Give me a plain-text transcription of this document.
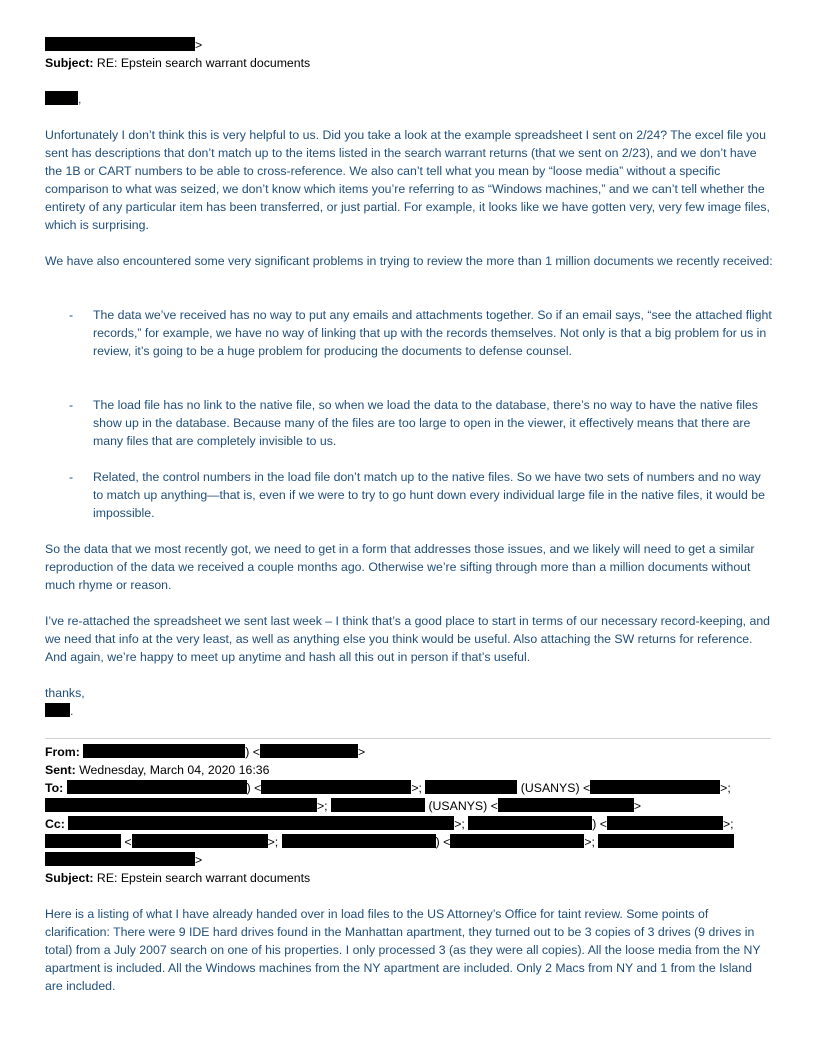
>
Subject: RE: Epstein search warrant documents
,

Unfortunately I don’t think this is very helpful to us. Did you take a look at the example spreadsheet I sent on 2/24? The excel file you sent has descriptions that don’t match up to the items listed in the search warrant returns (that we sent on 2/23), and we don’t have the 1B or CART numbers to be able to cross-reference. We also can’t tell what you mean by “loose media” without a specific comparison to what was seized, we don’t know which items you’re referring to as “Windows machines,” and we can’t tell whether the entirety of any particular item has been transferred, or just partial. For example, it looks like we have gotten very, very few image files, which is surprising.

We have also encountered some very significant problems in trying to review the more than 1 million documents we recently received:

- The data we’ve received has no way to put any emails and attachments together. So if an email says, “see the attached flight records,” for example, we have no way of linking that up with the records themselves. Not only is that a big problem for us in review, it’s going to be a huge problem for producing the documents to defense counsel.
- The load file has no link to the native file, so when we load the data to the database, there’s no way to have the native files show up in the database. Because many of the files are too large to open in the viewer, it effectively means that there are many files that are completely invisible to us.
- Related, the control numbers in the load file don’t match up to the native files. So we have two sets of numbers and no way to match up anything—that is, even if we were to try to go hunt down every individual large file in the native files, it would be impossible.

So the data that we most recently got, we need to get in a form that addresses those issues, and we likely will need to get a similar reproduction of the data we received a couple months ago. Otherwise we’re sifting through more than a million documents without much rhyme or reason.

I’ve re-attached the spreadsheet we sent last week – I think that’s a good place to start in terms of our necessary record-keeping, and we need that info at the very least, as well as anything else you think would be useful. Also attaching the SW returns for reference. And again, we’re happy to meet up anytime and hash all this out in person if that’s useful.

thanks,
.
From:	) <	>
Sent: Wednesday, March 04, 2020 16:36
To:	) <	>;	(USANYS) <	>;
>;	(USANYS) <	>
Cc:	>;	) <	>;
<	>;	) <	>;
>
Subject: RE: Epstein search warrant documents

Here is a listing of what I have already handed over in load files to the US Attorney’s Office for taint review. Some points of clarification: There were 9 IDE hard drives found in the Manhattan apartment, they turned out to be 3 copies of 3 drives (9 drives in total) from a July 2007 search on one of his properties. I only processed 3 (as they were all copies). All the loose media from the NY apartment is included. All the Windows machines from the NY apartment are included. Only 2 Macs from NY and 1 from the Island are included.
